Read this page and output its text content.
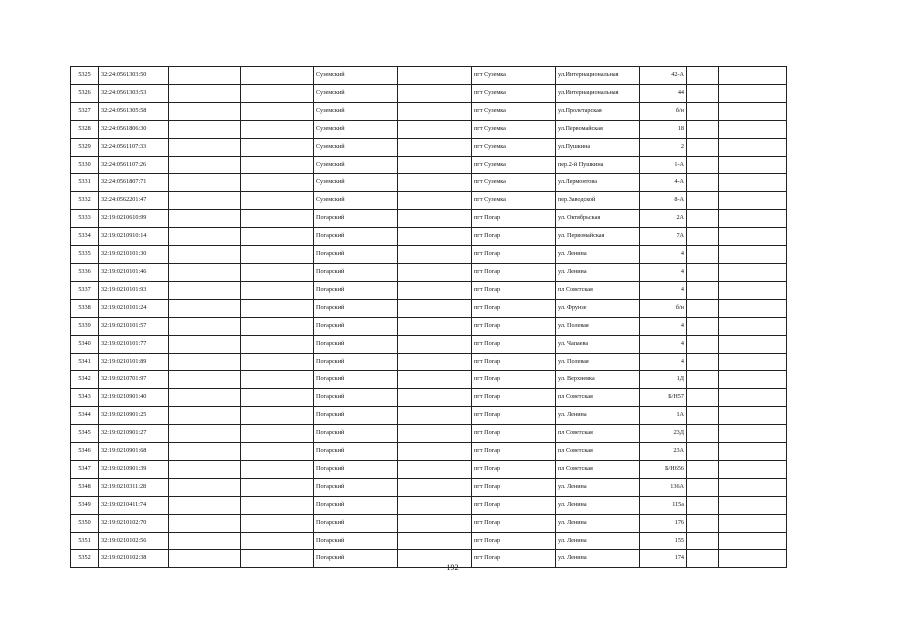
5325	32:24:0561303:50			Суземский		пгт Суземка	ул.Интернациональная	42-А		
5326	32:24:0561303:53			Суземский		пгт Суземка	ул.Интернациональная	44		
5327	32:24:0561305:58			Суземский		пгт Суземка	ул.Пролетарская	б/н		
5328	32:24:0561806:30			Суземский		пгт Суземка	ул.Первомайская	18		
5329	32:24:0561107:33			Суземский		пгт Суземка	ул.Пушкина	2		
5330	32:24:0561107:26			Суземский		пгт Суземка	пер.2-й Пушкина	1-А		
5331	32:24:0561807:71			Суземский		пгт Суземка	ул.Лермонтова	4-А		
5332	32:24:0562201:47			Суземский		пгт Суземка	пер.Заводской	8-А		
5333	32:19:0210610:99			Погарский		пгт Погар	ул. Октябрьская	2А		
5334	32:19:0210910:14			Погарский		пгт Погар	ул. Первомайская	7А		
5335	32:19:0210101:30			Погарский		пгт Погар	ул. Ленина	4		
5336	32:19:0210101:46			Погарский		пгт Погар	ул. Ленина	4		
5337	32:19:0210101:93			Погарский		пгт Погар	пл Советская	4		
5338	32:19:0210101:24			Погарский		пгт Погар	ул. Фрунзе	б/н		
5339	32:19:0210101:57			Погарский		пгт Погар	ул. Полевая	4		
5340	32:19:0210101:77			Погарский		пгт Погар	ул. Чапаева	4		
5341	32:19:0210101:89			Погарский		пгт Погар	ул. Полевая	4		
5342	32:19:0210701:97			Погарский		пгт Погар	ул. Верхневка	1Д		
5343	32:19:0210901:40			Погарский		пгт Погар	пл Советская	Б/Н57		
5344	32:19:0210901:25			Погарский		пгт Погар	ул. Ленина	1А		
5345	32:19:0210901:27			Погарский		пгт Погар	пл Советская	23Д		
5346	32:19:0210901:68			Погарский		пгт Погар	пл Советская	23А		
5347	32:19:0210901:39			Погарский		пгт Погар	пл Советская	Б/Н656		
5348	32:19:0210311:28			Погарский		пгт Погар	ул. Ленина	136А		
5349	32:19:0210411:74			Погарский		пгт Погар	ул. Ленина	115а		
5350	32:19:0210102:70			Погарский		пгт Погар	ул. Ленина	176		
5351	32:19:0210102:56			Погарский		пгт Погар	ул. Ленина	155		
5352	32:19:0210102:38			Погарский		пгт Погар	ул. Ленина	174		
192
